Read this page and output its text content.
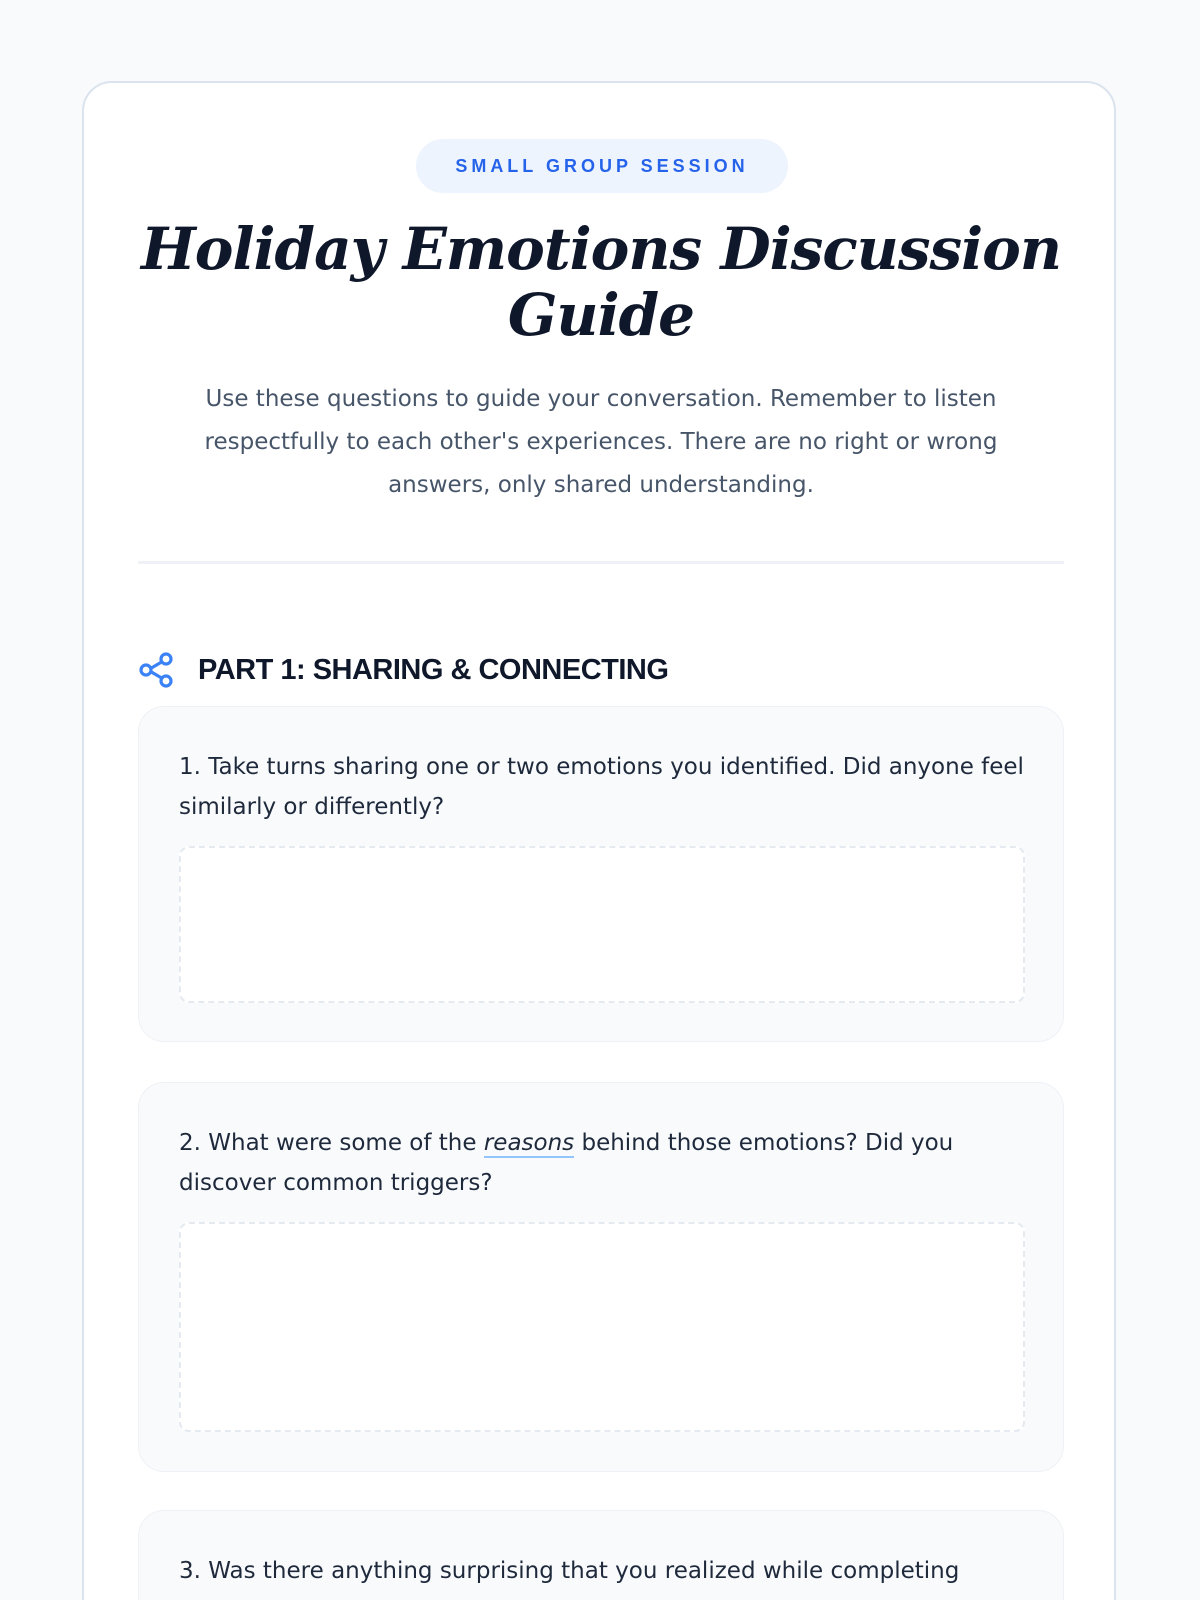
SMALL GROUP SESSION
Holiday Emotions Discussion Guide

Use these questions to guide your conversation. Remember to listen respectfully to each other's experiences. There are no right or wrong answers, only shared understanding.

PART 1: SHARING & CONNECTING

1. Take turns sharing one or two emotions you identified. Did anyone feel similarly or differently?

2. What were some of the reasons behind those emotions? Did you discover common triggers?

3. Was there anything surprising that you realized while completing
